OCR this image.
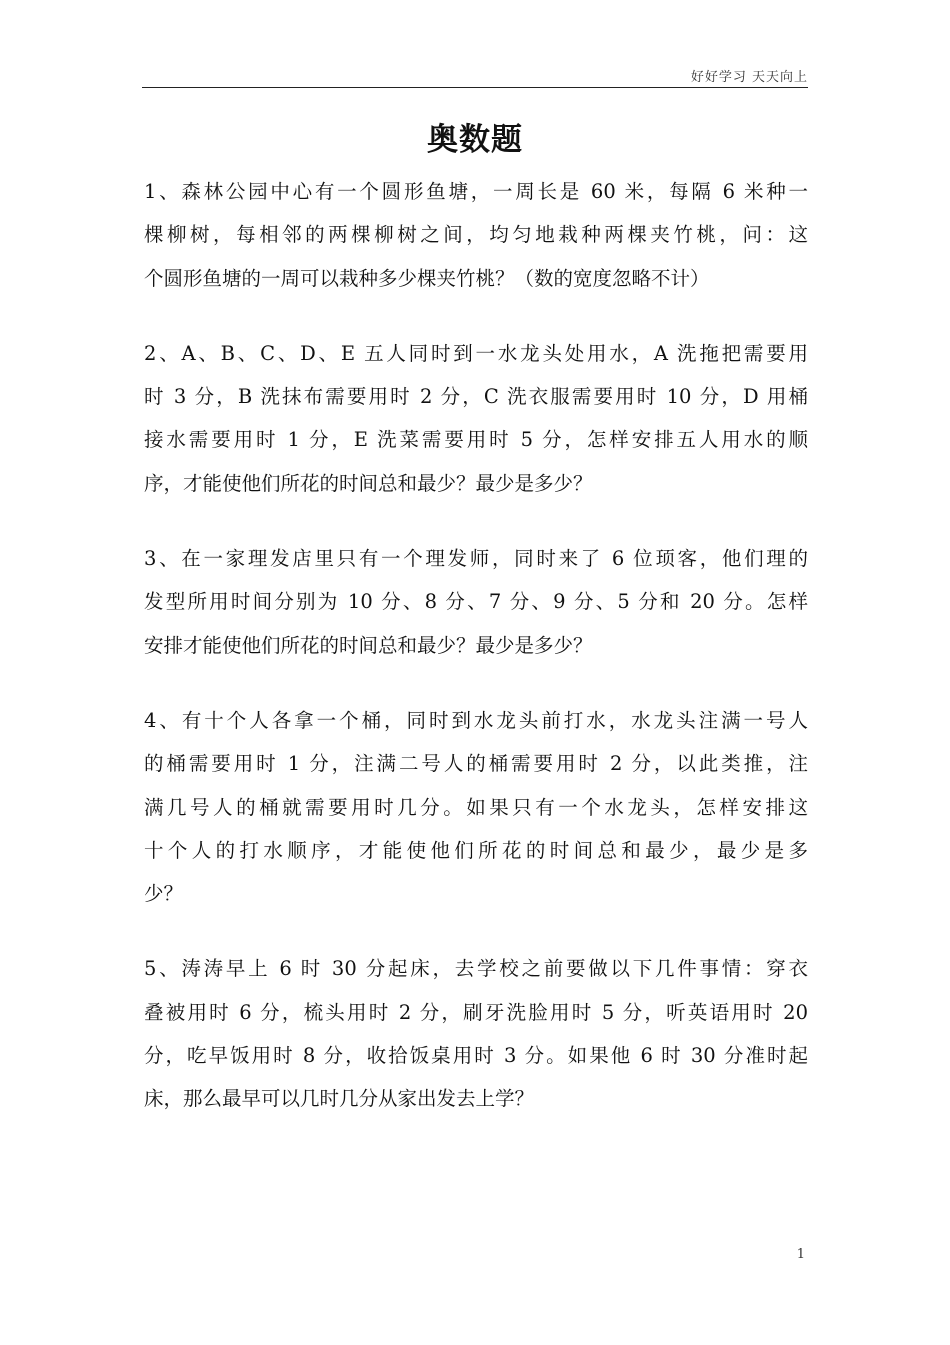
好好学习 天天向上
奥数题
1、森林公园中心有一个圆形鱼塘，一周长是 60 米，每隔 6 米种一
棵柳树，每相邻的两棵柳树之间，均匀地栽种两棵夹竹桃，问：这
个圆形鱼塘的一周可以栽种多少棵夹竹桃？（数的宽度忽略不计）
2、A、B、C、D、E 五人同时到一水龙头处用水，A 洗拖把需要用
时 3 分，B 洗抹布需要用时 2 分，C 洗衣服需要用时 10 分，D 用桶
接水需要用时 1 分，E 洗菜需要用时 5 分，怎样安排五人用水的顺
序，才能使他们所花的时间总和最少？最少是多少？
3、在一家理发店里只有一个理发师，同时来了 6 位顼客，他们理的
发型所用时间分别为 10 分、8 分、7 分、9 分、5 分和 20 分。怎样
安排才能使他们所花的时间总和最少？最少是多少？
4、有十个人各拿一个桶，同时到水龙头前打水，水龙头注满一号人
的桶需要用时 1 分，注满二号人的桶需要用时 2 分，以此类推，注
满几号人的桶就需要用时几分。如果只有一个水龙头，怎样安排这
十个人的打水顺序，才能使他们所花的时间总和最少，最少是多
少？
5、涛涛早上 6 时 30 分起床，去学校之前要做以下几件事情：穿衣
叠被用时 6 分，梳头用时 2 分，刷牙洗脸用时 5 分，听英语用时 20
分，吃早饭用时 8 分，收拾饭桌用时 3 分。如果他 6 时 30 分准时起
床，那么最早可以几时几分从家出发去上学？
1
